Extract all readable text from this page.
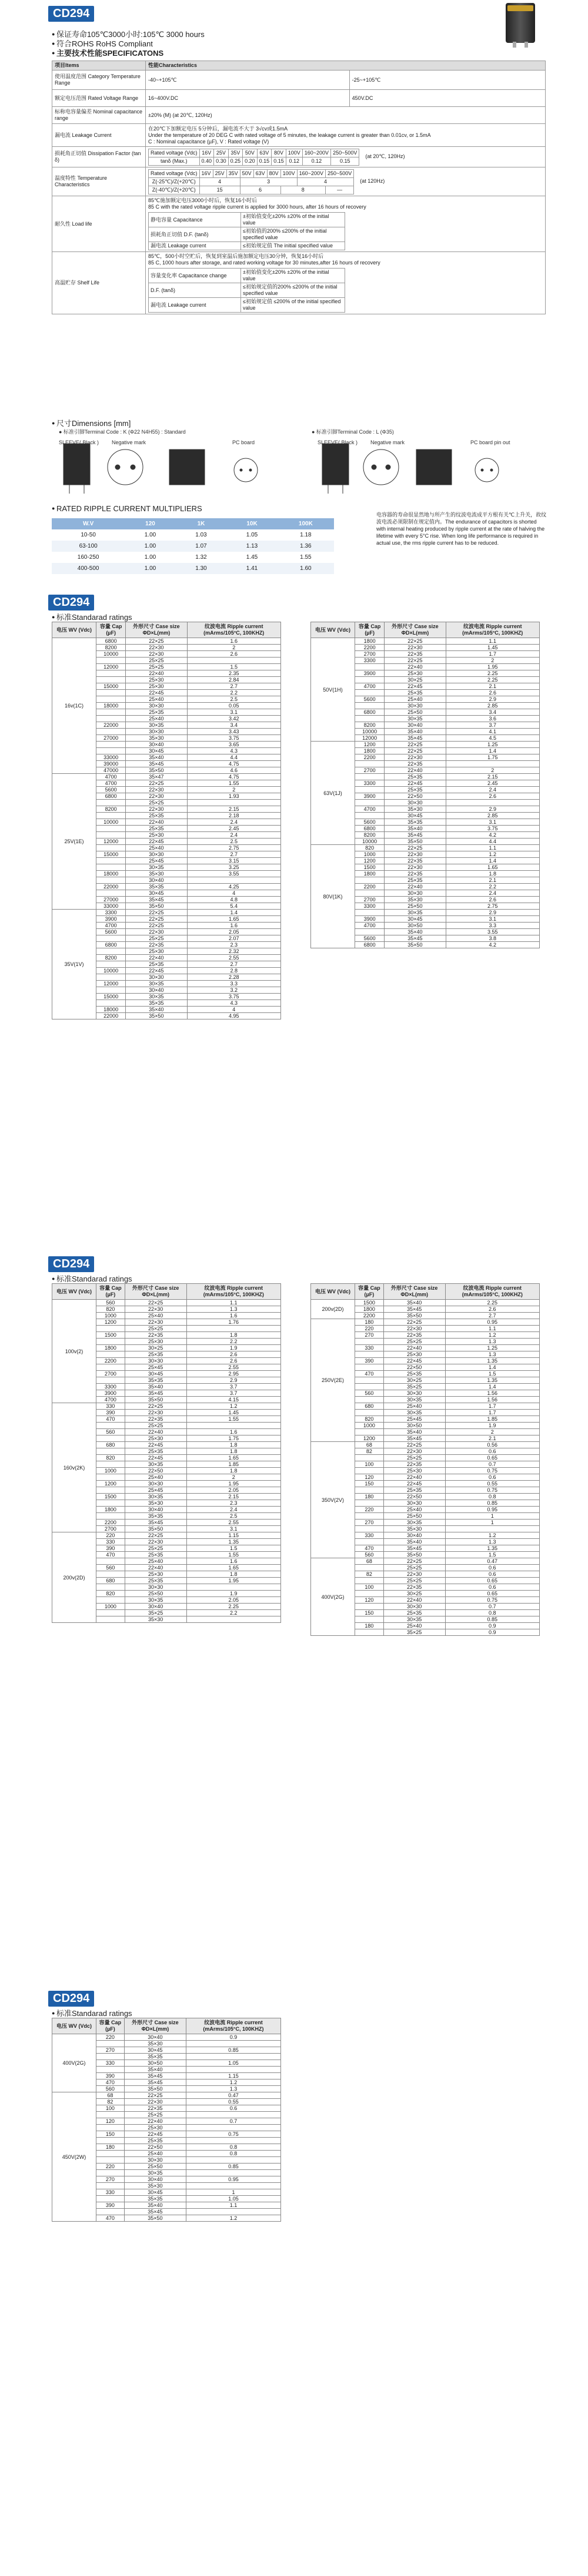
CD294
● 保证寿命105℃3000小时:105℃ 3000 hours
● 符合ROHS RoHS Compliant
● 主要技术性能SPECIFICATONS
项目Items	性能Characteristics
使用温度范围 Category Temperature Range	-40~+105℃	-25~+105℃
额定电压范围 Rated Voltage Range	16~400V.DC	450V.DC
标称电容量偏差 Nominal capacitance range	±20% (M) (at 20℃, 120Hz)
漏电流 Leakage Current	
在20℃下加额定电压 5分钟后，漏电流不大于 3√cv或1.5mA
Under the temperature of 20 DEG C with rated voltage of 5 minutes, the leakage current is greater than 0.01cv, or 1.5mA
C : Nominal capacitance (µF), V : Rated voltage (V)

损耗角正切值 Dissipation Factor (tan δ)	Rated voltage (Vdc)	16V	25V	35V	50V	63V	80V	100V	160~200V	250~500V
tanδ (Max.)	0.40	0.30	0.25	0.20	0.15	0.15	0.12	0.12	0.15(at 20℃, 120Hz)
温度特性 Temperature Characteristics	Rated voltage (Vdc)	16V	25V	35V	50V	63V	80V	100V	160~200V	250~500V
Z(-25℃)/Z(+20℃)	4	3	4
Z(-40℃)/Z(+20℃)	15	6	8	—(at 120Hz)
耐久性 Load life	
85℃施加额定电压3000小时后，恢复16小时后
85 C with the rated voltage ripple current is applied for 3000 hours, after 16 hours of recovery
静电容量 Capacitance	±初始值变化±20% ±20% of the initial value
损耗角正切值 D.F. (tanδ)	≤初始值的200% ≤200% of the initial specified value
漏电流 Leakage current	≤初始规定值 The initial specified value

高温贮存 Shelf Life	
85℃，500小时空贮后，恢复到室温后施加额定电压30分钟，恢复16小时后
85 C, 1000 hours after storage, and rated working voltage for 30 minutes,after 16 hours of recovery
容量变化率 Capacitance change	±初始值变化±20% ±20% of the initial value
D.F. (tanδ)	≤初始规定值的200% ≤200% of the initial specified value
漏电流 Leakage current	≤初始规定值 ≤200% of the initial specified value
● 尺寸Dimensions [mm]
● 标准引脚Terminal Code : K (Φ22 N4H55) : Standard	● 标准引脚Terminal Code : L (Φ35)
SLEEVE( Black ) Negative mark	PC board	SLEEVE( Black ) Negative mark	PC board pin out
● RATED RIPPLE CURRENT MULTIPLIERS
W.V	120	1K	10K	100K
10-50	1.00	1.03	1.05	1.18
63-100	1.00	1.07	1.13	1.36
160-250	1.00	1.32	1.45	1.55
400-500	1.00	1.30	1.41	1.60
电容器的寿命很显然地与所产生的纹波电流成平方根有关℃上升关，故纹波电流必须限制在规定值内。The endurance of capacitors is shorted with internal heating produced by ripple current at the rate of halving the lifetime with every 5°C rise. When long life performance is required in actual use, the rms ripple current has to be reduced.
CD294
● 标准Standarad ratings
电压 WV (Vdc)	容量 Cap (µF)	外形尺寸 Case size ΦD×L(mm)	纹波电流 Ripple current (mArms/105°C, 100KHZ)
16v(1C)	6800	22×25	1.6
	8200	22×30	2
	10000	22×30	2.6
		25×25	
	12000	25×25	1.5
		22×40	2.35
		25×30	2.84
	15000	25×30	2.7
		22×45	2.2
		25×40	2.5
	18000	30×30	0.05
		25×35	3.1
		25×40	3.42
	22000	30×35	3.4
		30×30	3.43
	27000	35×30	3.75
		30×40	3.65
		30×45	4.3
	33000	35×40	4.4
	39000	35×45	4.75
	47000	35×50	4.6
25V(1E)	4700	35×47	4.75
	4700	22×25	1.55
	5600	22×30	2
	6800	22×30	1.93
		25×25	
	8200	22×30	2.15
		25×35	2.18
	10000	22×40	2.4
		25×35	2.45
		25×30	2.4
	12000	22×45	2.5
		25×40	2.75
	15000	30×30	2.7
		25×45	3.15
		30×35	3.25
	18000	35×30	3.55
		30×40	
	22000	35×35	4.25
		30×45	4
	27000	35×45	4.8
	33000	35×50	5.4
35V(1V)	3300	22×25	1.4
	3900	22×25	1.65
	4700	22×25	1.6
	5600	22×30	2.05
		25×25	2.07
	6800	22×35	2.3
		25×30	2.32
	8200	22×40	2.55
		25×35	2.7
	10000	22×45	2.8
		30×30	2.28
	12000	30×35	3.3
		30×40	3.2
	15000	30×35	3.75
		35×35	4.3
	18000	35×40	4
	22000	35×50	4.95
电压 WV (Vdc)	容量 Cap (µF)	外形尺寸 Case size ΦD×L(mm)	纹波电流 Ripple current (mArms/105°C, 100KHZ)
50V(1H)	1800	22×25	1.1
	2200	22×30	1.45
	2700	22×35	1.7
	3300	22×25	2
		22×40	1.95
	3900	25×30	2.25
		30×25	2.25
	4700	22×45	2.1
		25×35	2.6
	5600	25×40	2.9
		30×30	2.85
	6800	25×50	3.4
		30×35	3.6
	8200	30×40	3.7
	10000	35×40	4.1
	12000	35×45	4.5
63V(1J)	1200	22×25	1.25
	1800	22×25	1.4
	2200	22×30	1.75
		22×35	
	2700	22×40	2
		25×35	2.15
	3300	22×45	2.45
		25×35	2.4
	3900	22×50	2.6
		30×30	
	4700	35×30	2.9
		30×45	2.85
	5600	35×35	3.1
	6800	35×40	3.75
	8200	35×45	4.2
	10000	35×50	4.4
80V(1K)	820	22×25	1.1
	1000	22×30	1.2
	1200	22×35	1.4
	1500	22×30	1.65
	1800	22×35	1.8
		25×35	2.1
	2200	22×40	2.2
		30×30	2.4
	2700	35×30	2.6
	3300	25×50	2.75
		30×35	2.9
	3900	30×45	3.1
	4700	30×50	3.3
		35×40	3.55
	5600	35×45	3.8
	6800	35×50	4.2
CD294
● 标准Standarad ratings
电压 WV (Vdc)	容量 Cap (µF)	外形尺寸 Case size ΦD×L(mm)	纹波电流 Ripple current (mArms/105°C, 100KHZ)
100v(2)	560	22×25	1.1
	820	22×30	1.3
	1000	25×40	1.6
	1200	22×30	1.76
		25×25	
	1500	22×35	1.8
		25×30	2.2
	1800	30×25	1.9
		25×35	2.6
	2200	30×30	2.6
		25×45	2.55
	2700	30×45	2.95
		35×35	2.9
	3300	35×40	3.7
	3900	35×45	3.7
	4700	35×50	4.15
160v(2K)	330	22×25	1.2
	390	22×30	1.45
	470	22×35	1.55
		25×25	
	560	22×40	1.6
		25×30	1.75
	680	22×45	1.8
		25×35	1.8
	820	22×45	1.65
		30×35	1.85
	1000	22×50	1.8
		25×40	2
	1200	30×30	1.95
		25×45	2.05
	1500	30×35	2.15
		35×30	2.3
	1800	30×40	2.4
		35×35	2.5
	2200	35×45	2.55
	2700	35×50	3.1
200v(2D)	220	22×25	1.15
	330	22×30	1.35
	390	25×25	1.5
	470	25×35	1.55
		25×40	1.6
	560	22×40	1.65
		25×30	1.8
	680	25×35	1.95
		30×30	
	820	25×50	1.9
		30×35	2.05
	1000	30×40	2.25
		35×25	2.2
		35×30	
电压 WV (Vdc)	容量 Cap (µF)	外形尺寸 Case size ΦD×L(mm)	纹波电流 Ripple current (mArms/105°C, 100KHZ)
200v(2D)	1500	35×40	2.25
	1800	35×45	2.6
	2200	35×50	2.7
250V(2E)	180	22×25	0.95
	220	22×30	1.1
	270	22×35	1.2
		25×25	1.3
	330	22×40	1.25
		25×30	1.3
	390	22×45	1.35
		22×50	1.4
	470	25×35	1.5
		30×25	1.35
		35×25	1.4
	560	30×30	1.56
		30×35	1.56
	680	25×40	1.7
		30×35	1.7
	820	25×45	1.85
	1000	30×50	1.9
		35×40	2
	1200	35×45	2.1
350V(2V)	68	22×25	0.56
	82	22×30	0.6
		25×25	0.65
	100	22×35	0.7
		25×30	0.75
	120	22×40	0.6
	150	22×45	0.55
		25×35	0.75
	180	22×50	0.8
		30×30	0.85
	220	25×40	0.95
		25×50	1
	270	30×35	1
		35×30	
	330	30×40	1.2
		35×40	1.3
	470	35×45	1.35
	560	35×50	1.5
400V(2G)	68	22×25	0.47
		25×25	0.6
	82	22×30	0.6
		25×25	0.65
	100	22×35	0.6
		30×25	0.65
	120	22×40	0.75
		30×30	0.7
	150	25×35	0.8
		30×35	0.85
	180	25×40	0.9
		35×25	0.9
CD294
● 标准Standarad ratings
电压 WV (Vdc)	容量 Cap (µF)	外形尺寸 Case size ΦD×L(mm)	纹波电流 Ripple current (mArms/105°C, 100KHZ)
400V(2G)	220	30×40	0.9
		35×30	
	270	30×45	0.85
		35×35	
	330	30×50	1.05
		35×40	
	390	35×45	1.15
	470	35×45	1.2
	560	35×50	1.3
450V(2W)	68	22×25	0.47
	82	22×30	0.55
	100	22×35	0.6
		25×25	
	120	22×40	0.7
		25×30	
	150	22×45	0.75
		25×35	
	180	22×50	0.8
		25×40	0.8
		30×30	
	220	25×50	0.85
		30×35	
	270	30×40	0.95
		35×30	
	330	30×45	1
		35×35	1.05
	390	35×40	1.1
		35×45	
	470	35×50	1.2
